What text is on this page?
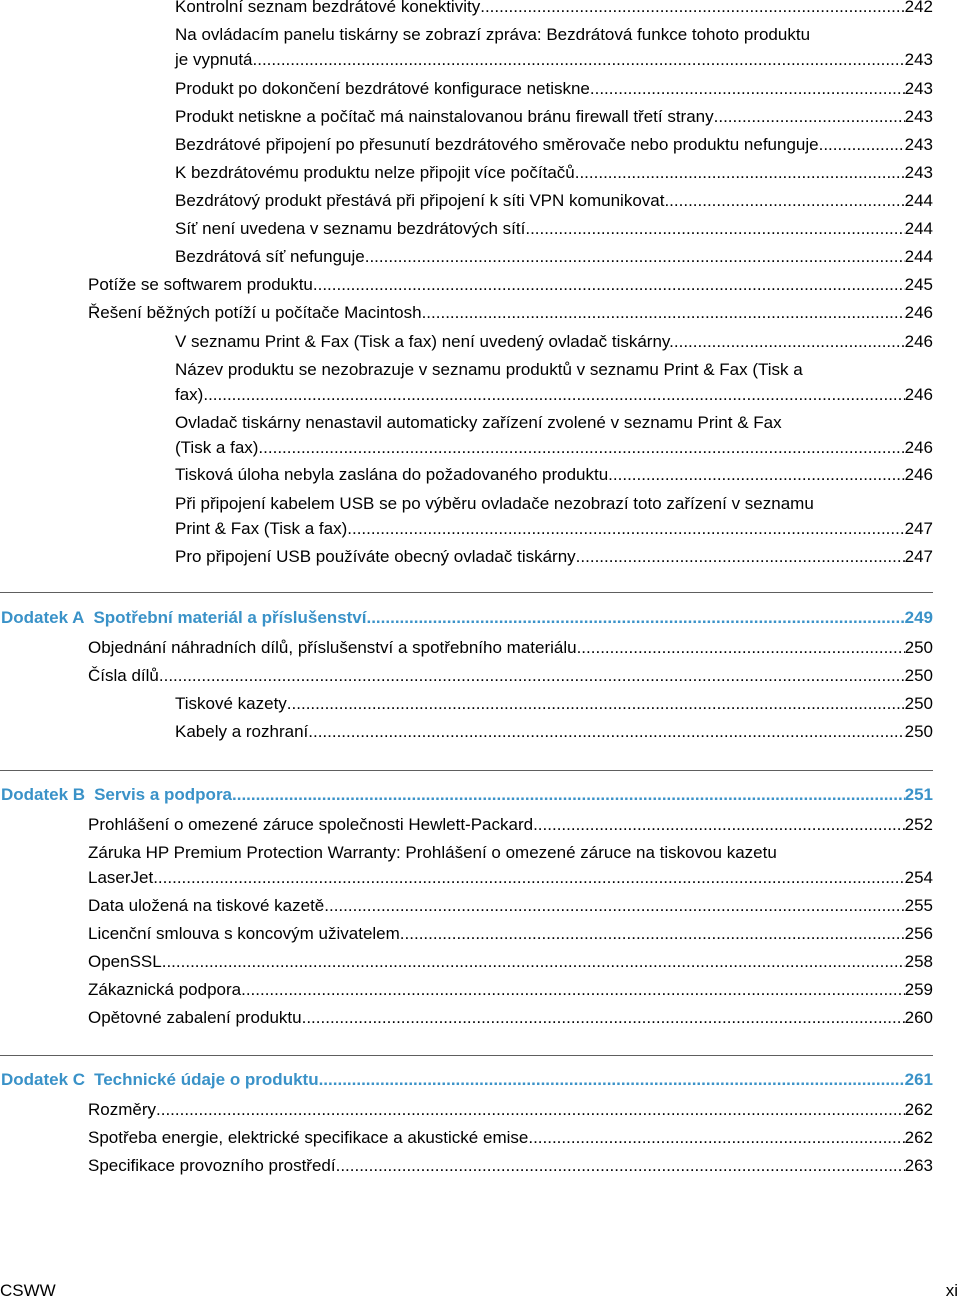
Kontrolní seznam bezdrátové konektivity .....	242
Na ovládacím panelu tiskárny se zobrazí zpráva: Bezdrátová funkce tohoto produktu
je vypnutá .....	243
Produkt po dokončení bezdrátové konfigurace netiskne .....	243
Produkt netiskne a počítač má nainstalovanou bránu firewall třetí strany .....	243
Bezdrátové připojení po přesunutí bezdrátového směrovače nebo produktu nefunguje .....	243
K bezdrátovému produktu nelze připojit více počítačů .....	243
Bezdrátový produkt přestává při připojení k síti VPN komunikovat .....	244
Síť není uvedena v seznamu bezdrátových sítí .....	244
Bezdrátová síť nefunguje .....	244
Potíže se softwarem produktu .....	245
Řešení běžných potíží u počítače Macintosh .....	246
V seznamu Print & Fax (Tisk a fax) není uvedený ovladač tiskárny. .....	246
Název produktu se nezobrazuje v seznamu produktů v seznamu Print & Fax (Tisk a
fax) .....	246
Ovladač tiskárny nenastavil automaticky zařízení zvolené v seznamu Print & Fax
(Tisk a fax). .....	246
Tisková úloha nebyla zaslána do požadovaného produktu. .....	246
Při připojení kabelem USB se po výběru ovladače nezobrazí toto zařízení v seznamu
Print & Fax (Tisk a fax). .....	247
Pro připojení USB používáte obecný ovladač tiskárny .....	247
Dodatek A Spotřební materiál a příslušenství .....	249
Objednání náhradních dílů, příslušenství a spotřebního materiálu .....	250
Čísla dílů .....	250
Tiskové kazety .....	250
Kabely a rozhraní .....	250
Dodatek B Servis a podpora .....	251
Prohlášení o omezené záruce společnosti Hewlett-Packard .....	252
Záruka HP Premium Protection Warranty: Prohlášení o omezené záruce na tiskovou kazetu
LaserJet .....	254
Data uložená na tiskové kazetě .....	255
Licenční smlouva s koncovým uživatelem .....	256
OpenSSL .....	258
Zákaznická podpora .....	259
Opětovné zabalení produktu .....	260
Dodatek C Technické údaje o produktu .....	261
Rozměry .....	262
Spotřeba energie, elektrické specifikace a akustické emise .....	262
Specifikace provozního prostředí .....	263
CSWW	xi
